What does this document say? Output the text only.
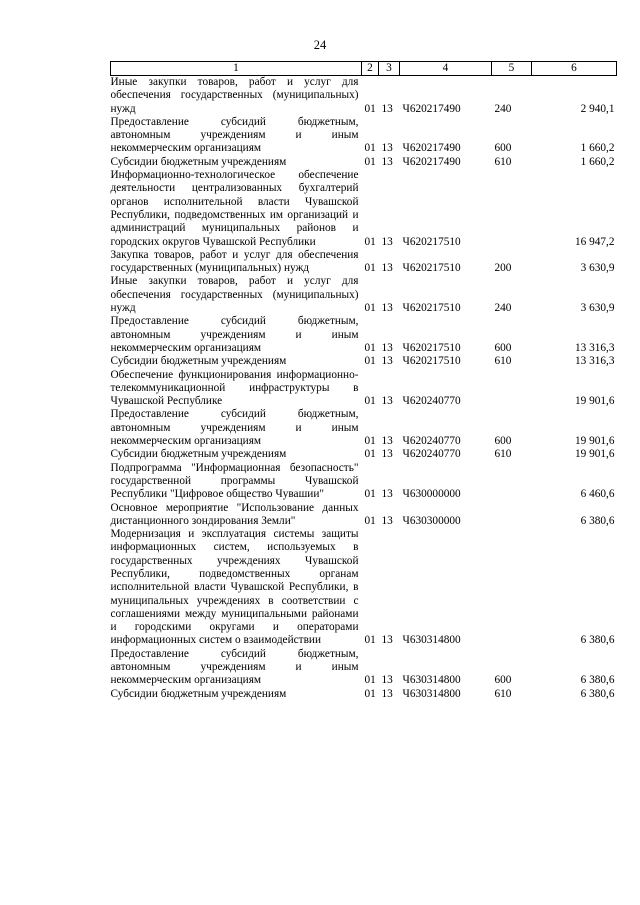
24
1	2	3	4	5	6
Иные закупки товаров, работ и услуг для обеспечения государственных (муниципальных) нужд	01	13	Ч620217490	240	2 940,1
Предоставление субсидий бюджетным, автономным учреждениям и иным некоммерческим организациям	01	13	Ч620217490	600	1 660,2
Субсидии бюджетным учреждениям	01	13	Ч620217490	610	1 660,2
Информационно-технологическое обеспечение деятельности централизованных бухгалтерий органов исполнительной власти Чувашской Республики, подведомственных им организаций и администраций муниципальных районов и городских округов Чувашской Республики	01	13	Ч620217510		16 947,2
Закупка товаров, работ и услуг для обеспечения государственных (муниципальных) нужд	01	13	Ч620217510	200	3 630,9
Иные закупки товаров, работ и услуг для обеспечения государственных (муниципальных) нужд	01	13	Ч620217510	240	3 630,9
Предоставление субсидий бюджетным, автономным учреждениям и иным некоммерческим организациям	01	13	Ч620217510	600	13 316,3
Субсидии бюджетным учреждениям	01	13	Ч620217510	610	13 316,3
Обеспечение функционирования информационно-телекоммуникационной инфраструктуры в Чувашской Республике	01	13	Ч620240770		19 901,6
Предоставление субсидий бюджетным, автономным учреждениям и иным некоммерческим организациям	01	13	Ч620240770	600	19 901,6
Субсидии бюджетным учреждениям	01	13	Ч620240770	610	19 901,6
Подпрограмма "Информационная безопасность" государственной программы Чувашской Республики "Цифровое общество Чувашии"	01	13	Ч630000000		6 460,6
Основное мероприятие "Использование данных дистанционного зондирования Земли"	01	13	Ч630300000		6 380,6
Модернизация и эксплуатация системы защиты информационных систем, используемых в государственных учреждениях Чувашской Республики, подведомственных органам исполнительной власти Чувашской Республики, в муниципальных учреждениях в соответствии с соглашениями между муниципальными районами и городскими округами и операторами информационных систем о взаимодействии	01	13	Ч630314800		6 380,6
Предоставление субсидий бюджетным, автономным учреждениям и иным некоммерческим организациям	01	13	Ч630314800	600	6 380,6
Субсидии бюджетным учреждениям	01	13	Ч630314800	610	6 380,6
